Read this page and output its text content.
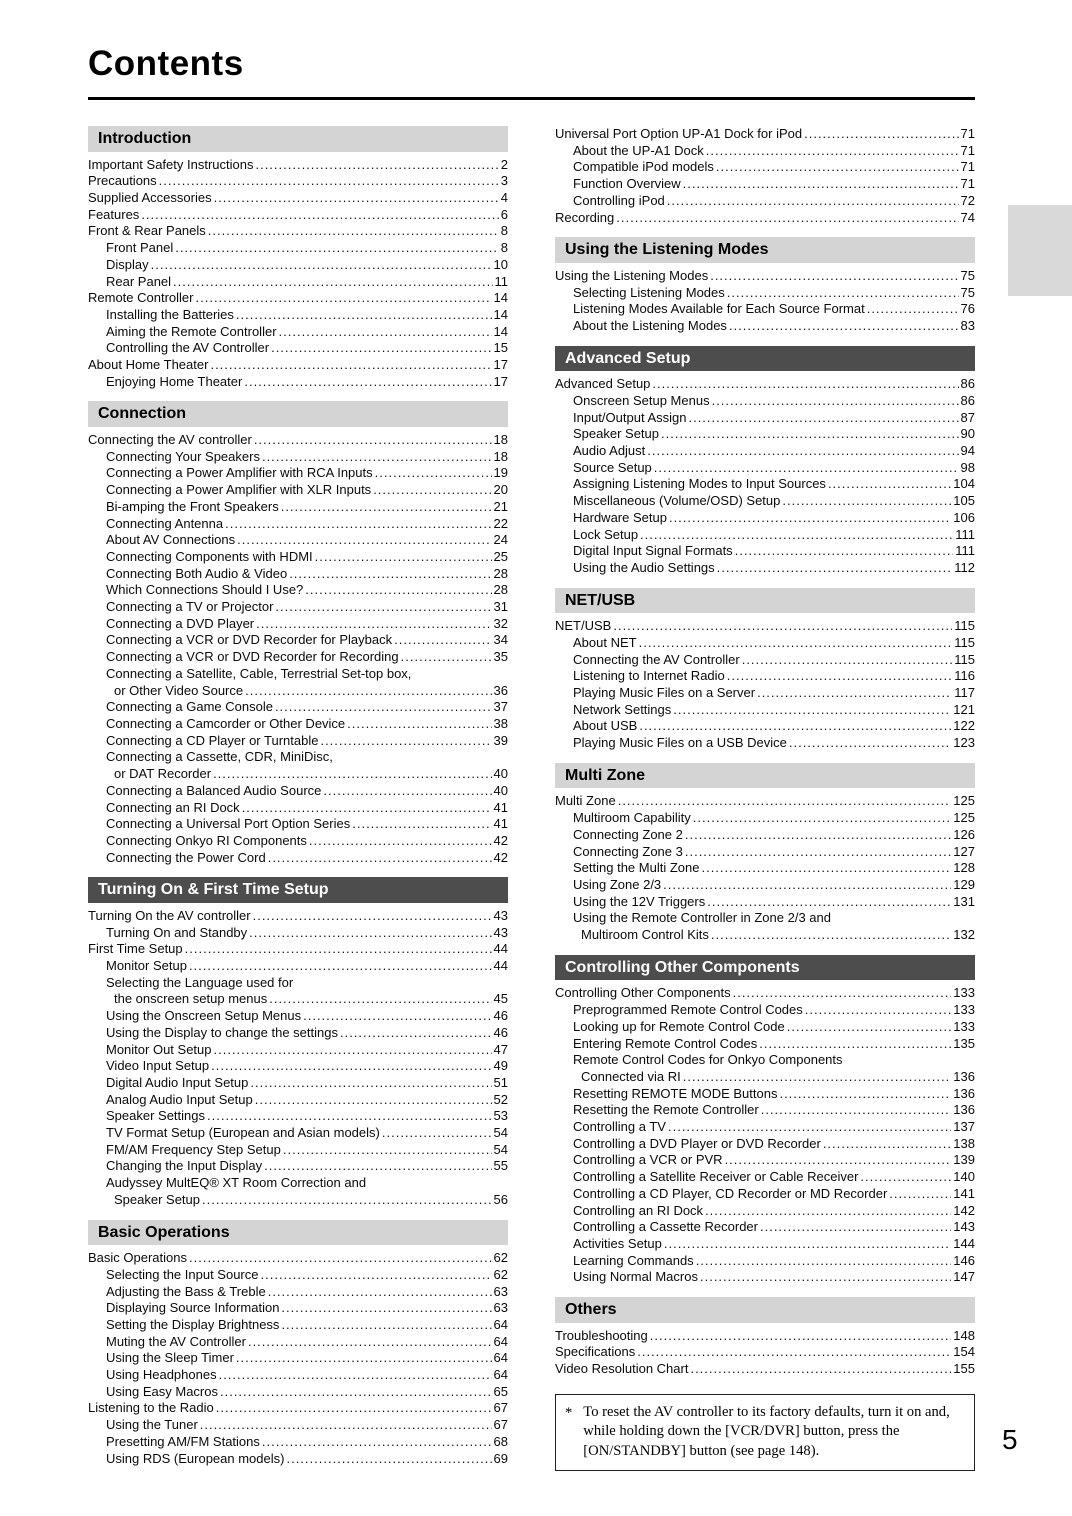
Contents
Introduction
Important Safety Instructions .....	2
Precautions .....	3
Supplied Accessories .....	4
Features .....	6
Front & Rear Panels .....	8
Front Panel .....	8
Display .....	10
Rear Panel .....	11
Remote Controller .....	14
Installing the Batteries .....	14
Aiming the Remote Controller .....	14
Controlling the AV Controller .....	15
About Home Theater .....	17
Enjoying Home Theater .....	17
Connection
Connecting the AV controller .....	18
Connecting Your Speakers .....	18
Connecting a Power Amplifier with RCA Inputs .....	19
Connecting a Power Amplifier with XLR Inputs .....	20
Bi-amping the Front Speakers .....	21
Connecting Antenna .....	22
About AV Connections .....	24
Connecting Components with HDMI .....	25
Connecting Both Audio & Video .....	28
Which Connections Should I Use? .....	28
Connecting a TV or Projector .....	31
Connecting a DVD Player .....	32
Connecting a VCR or DVD Recorder for Playback .....	34
Connecting a VCR or DVD Recorder for Recording .....	35
Connecting a Satellite, Cable, Terrestrial Set-top box,
or Other Video Source .....	36
Connecting a Game Console .....	37
Connecting a Camcorder or Other Device .....	38
Connecting a CD Player or Turntable .....	39
Connecting a Cassette, CDR, MiniDisc,
or DAT Recorder .....	40
Connecting a Balanced Audio Source .....	40
Connecting an RI Dock .....	41
Connecting a Universal Port Option Series .....	41
Connecting Onkyo RI Components .....	42
Connecting the Power Cord .....	42
Turning On & First Time Setup
Turning On the AV controller .....	43
Turning On and Standby .....	43
First Time Setup .....	44
Monitor Setup .....	44
Selecting the Language used for
the onscreen setup menus .....	45
Using the Onscreen Setup Menus .....	46
Using the Display to change the settings .....	46
Monitor Out Setup .....	47
Video Input Setup .....	49
Digital Audio Input Setup .....	51
Analog Audio Input Setup .....	52
Speaker Settings .....	53
TV Format Setup (European and Asian models) .....	54
FM/AM Frequency Step Setup .....	54
Changing the Input Display .....	55
Audyssey MultEQ® XT Room Correction and
Speaker Setup .....	56
Basic Operations
Basic Operations .....	62
Selecting the Input Source .....	62
Adjusting the Bass & Treble .....	63
Displaying Source Information .....	63
Setting the Display Brightness .....	64
Muting the AV Controller .....	64
Using the Sleep Timer .....	64
Using Headphones .....	64
Using Easy Macros .....	65
Listening to the Radio .....	67
Using the Tuner .....	67
Presetting AM/FM Stations .....	68
Using RDS (European models) .....	69
Universal Port Option UP-A1 Dock for iPod .....	71
About the UP-A1 Dock .....	71
Compatible iPod models .....	71
Function Overview .....	71
Controlling iPod .....	72
Recording .....	74
Using the Listening Modes
Using the Listening Modes .....	75
Selecting Listening Modes .....	75
Listening Modes Available for Each Source Format .....	76
About the Listening Modes .....	83
Advanced Setup
Advanced Setup .....	86
Onscreen Setup Menus .....	86
Input/Output Assign .....	87
Speaker Setup .....	90
Audio Adjust .....	94
Source Setup .....	98
Assigning Listening Modes to Input Sources .....	104
Miscellaneous (Volume/OSD) Setup .....	105
Hardware Setup .....	106
Lock Setup .....	111
Digital Input Signal Formats .....	111
Using the Audio Settings .....	112
NET/USB
NET/USB .....	115
About NET .....	115
Connecting the AV Controller .....	115
Listening to Internet Radio .....	116
Playing Music Files on a Server .....	117
Network Settings .....	121
About USB .....	122
Playing Music Files on a USB Device .....	123
Multi Zone
Multi Zone .....	125
Multiroom Capability .....	125
Connecting Zone 2 .....	126
Connecting Zone 3 .....	127
Setting the Multi Zone .....	128
Using Zone 2/3 .....	129
Using the 12V Triggers .....	131
Using the Remote Controller in Zone 2/3 and
Multiroom Control Kits .....	132
Controlling Other Components
Controlling Other Components .....	133
Preprogrammed Remote Control Codes .....	133
Looking up for Remote Control Code .....	133
Entering Remote Control Codes .....	135
Remote Control Codes for Onkyo Components
Connected via RI .....	136
Resetting REMOTE MODE Buttons .....	136
Resetting the Remote Controller .....	136
Controlling a TV .....	137
Controlling a DVD Player or DVD Recorder .....	138
Controlling a VCR or PVR .....	139
Controlling a Satellite Receiver or Cable Receiver .....	140
Controlling a CD Player, CD Recorder or MD Recorder .....	141
Controlling an RI Dock .....	142
Controlling a Cassette Recorder .....	143
Activities Setup .....	144
Learning Commands .....	146
Using Normal Macros .....	147
Others
Troubleshooting .....	148
Specifications .....	154
Video Resolution Chart .....	155
* To reset the AV controller to its factory defaults, turn it on and, while holding down the [VCR/DVR] button, press the [ON/STANDBY] button (see page 148).	5
